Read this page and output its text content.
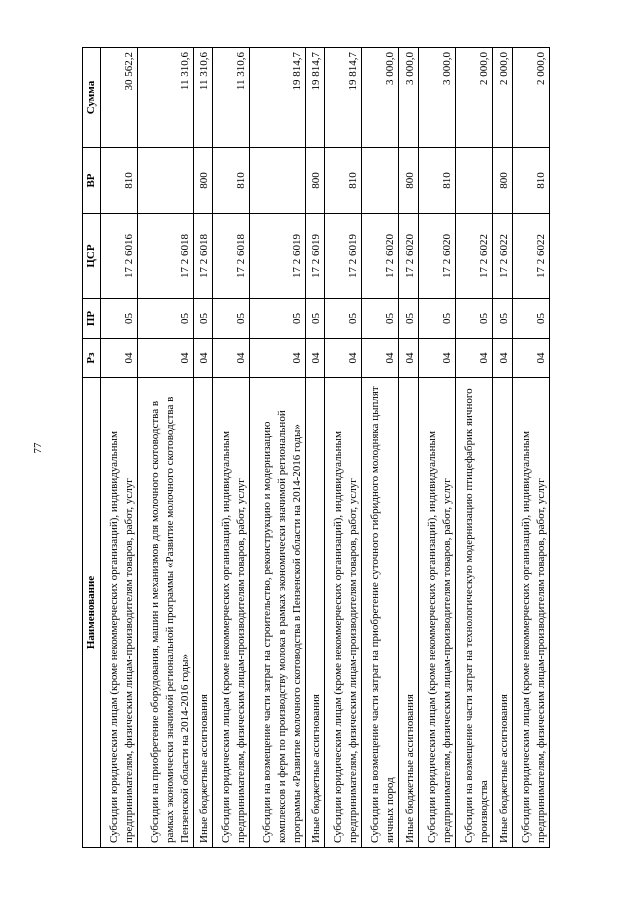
77
Наименование	Рз	ПР	ЦСР	ВР	Сумма
Субсидии юридическим лицам (кроме некоммерческих организаций), индивидуальным предпринимателям, физическим лицам-производителям товаров, работ, услуг	04	05	17 2 6016	810	30 562,2
Субсидии на приобретение оборудования, машин и механизмов для молочного скотоводства в рамках экономически значимой региональной программы «Развитие молочного скотоводства в Пензенской области на 2014-2016 годы»	04	05	17 2 6018		11 310,6
Иные бюджетные ассигнования	04	05	17 2 6018	800	11 310,6
Субсидии юридическим лицам (кроме некоммерческих организаций), индивидуальным предпринимателям, физическим лицам-производителям товаров, работ, услуг	04	05	17 2 6018	810	11 310,6
Субсидии на возмещение части затрат на строительство, реконструкцию и модернизацию комплексов и ферм по производству молока в рамках экономически значимой региональной программы «Развитие молочного скотоводства в Пензенской области на 2014-2016 годы»	04	05	17 2 6019		19 814,7
Иные бюджетные ассигнования	04	05	17 2 6019	800	19 814,7
Субсидии юридическим лицам (кроме некоммерческих организаций), индивидуальным предпринимателям, физическим лицам-производителям товаров, работ, услуг	04	05	17 2 6019	810	19 814,7
Субсидии на возмещение части затрат на приобретение суточного гибридного молодняка цыплят яичных пород	04	05	17 2 6020		3 000,0
Иные бюджетные ассигнования	04	05	17 2 6020	800	3 000,0
Субсидии юридическим лицам (кроме некоммерческих организаций), индивидуальным предпринимателям, физическим лицам-производителям товаров, работ, услуг	04	05	17 2 6020	810	3 000,0
Субсидии на возмещение части затрат на технологическую модернизацию птицефабрик яичного производства	04	05	17 2 6022		2 000,0
Иные бюджетные ассигнования	04	05	17 2 6022	800	2 000,0
Субсидии юридическим лицам (кроме некоммерческих организаций), индивидуальным предпринимателям, физическим лицам-производителям товаров, работ, услуг	04	05	17 2 6022	810	2 000,0
